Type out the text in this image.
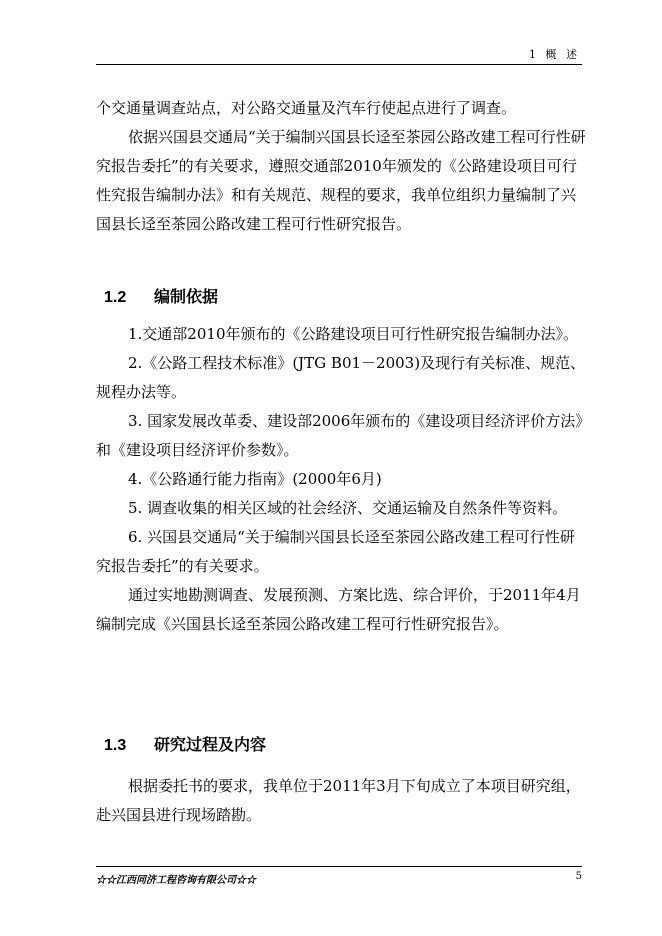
1 概 述

个交通量调查站点，对公路交通量及汽车行使起点进行了调查。

依据兴国县交通局“关于编制兴国县长迳至茶园公路改建工程可行性研究报告委托”的有关要求，遵照交通部2010年颁发的《公路建设项目可行性究报告编制办法》和有关规范、规程的要求，我单位组织力量编制了兴国县长迳至茶园公路改建工程可行性研究报告。

1.2 编制依据

1.交通部2010年颁布的《公路建设项目可行性研究报告编制办法》。

2.《公路工程技术标准》(JTG B01－2003)及现行有关标准、规范、规程办法等。

3. 国家发展改革委、建设部2006年颁布的《建设项目经济评价方法》和《建设项目经济评价参数》。

4.《公路通行能力指南》(2000年6月)

5. 调查收集的相关区域的社会经济、交通运输及自然条件等资料。

6. 兴国县交通局“关于编制兴国县长迳至茶园公路改建工程可行性研究报告委托”的有关要求。

通过实地勘测调查、发展预测、方案比选、综合评价，于2011年4月编制完成《兴国县长迳至茶园公路改建工程可行性研究报告》。

1.3 研究过程及内容

根据委托书的要求，我单位于2011年3月下旬成立了本项目研究组，赴兴国县进行现场踏勘。

☆☆江西同济工程咨询有限公司☆☆	5
